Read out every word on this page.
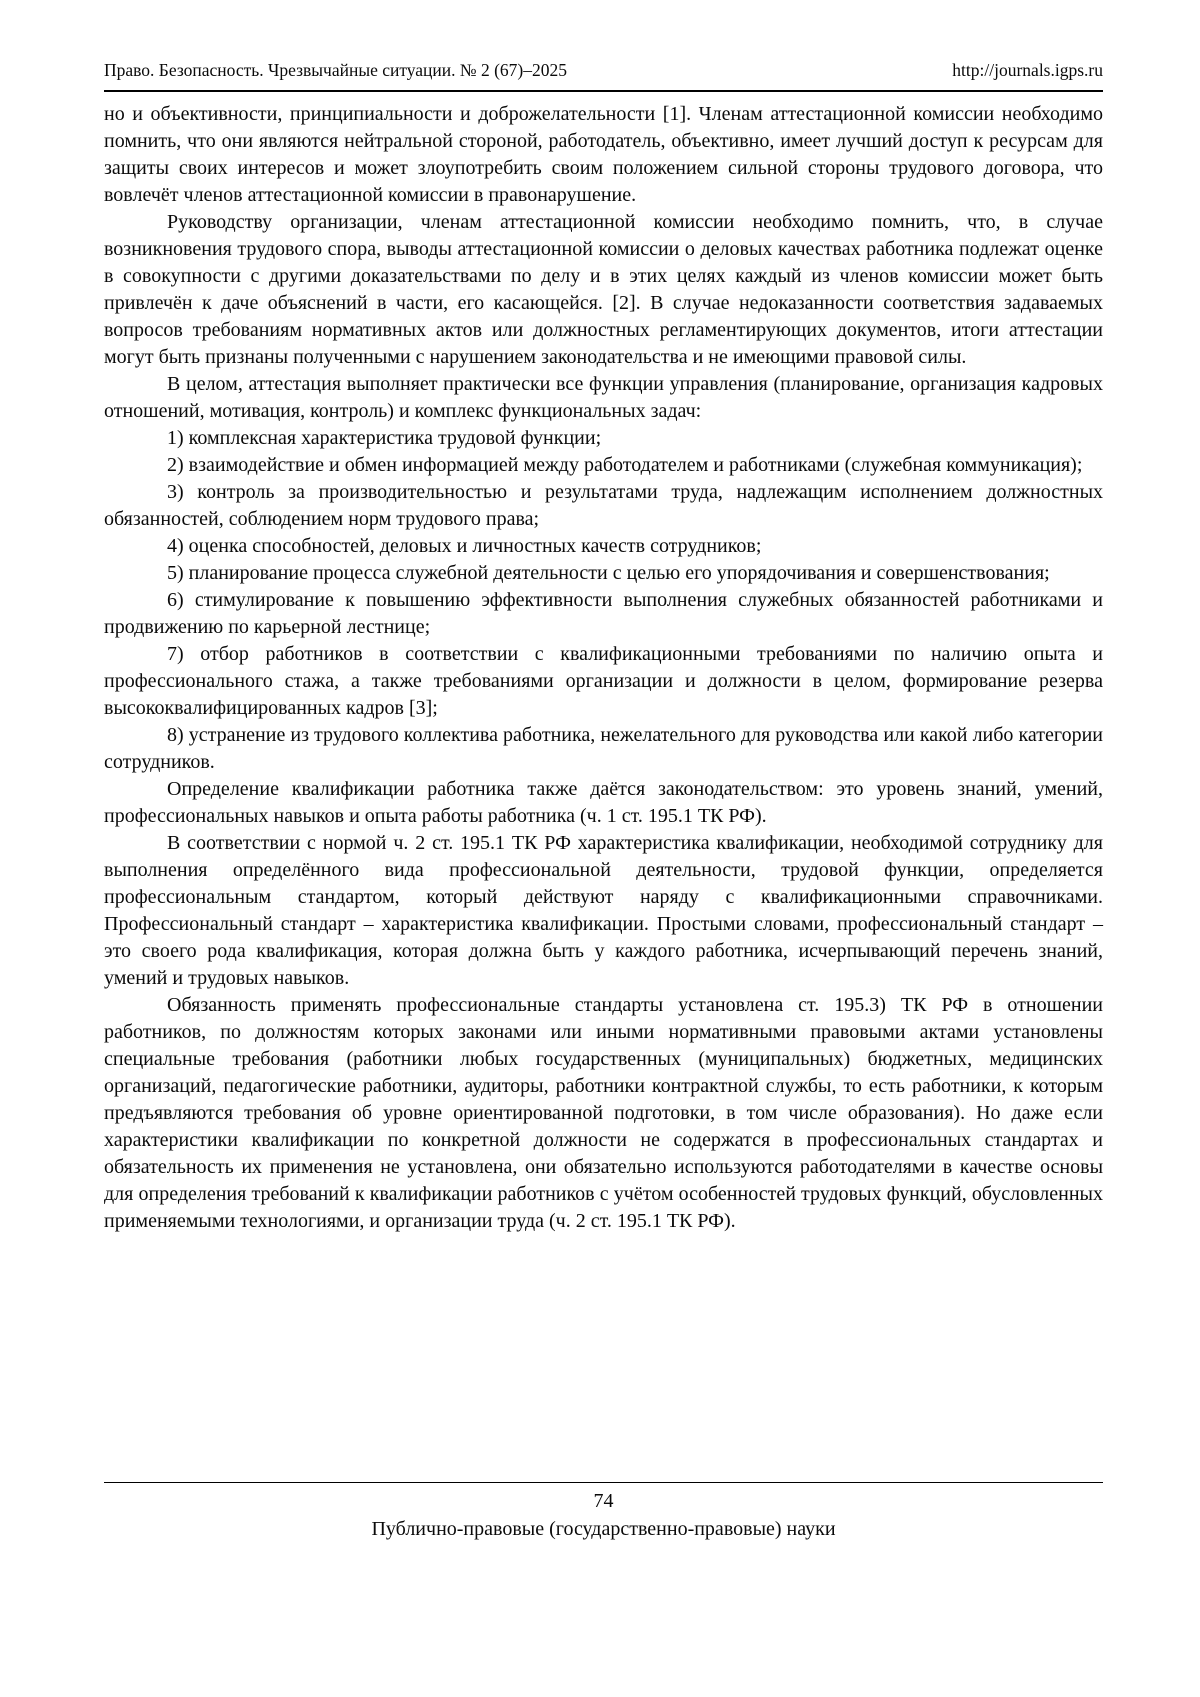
Право. Безопасность. Чрезвычайные ситуации. № 2 (67)–2025	http://journals.igps.ru

но и объективности, принципиальности и доброжелательности [1]. Членам аттестационной комиссии необходимо помнить, что они являются нейтральной стороной, работодатель, объективно, имеет лучший доступ к ресурсам для защиты своих интересов и может злоупотребить своим положением сильной стороны трудового договора, что вовлечёт членов аттестационной комиссии в правонарушение.

Руководству организации, членам аттестационной комиссии необходимо помнить, что, в случае возникновения трудового спора, выводы аттестационной комиссии о деловых качествах работника подлежат оценке в совокупности с другими доказательствами по делу и в этих целях каждый из членов комиссии может быть привлечён к даче объяснений в части, его касающейся. [2]. В случае недоказанности соответствия задаваемых вопросов требованиям нормативных актов или должностных регламентирующих документов, итоги аттестации могут быть признаны полученными с нарушением законодательства и не имеющими правовой силы.

В целом, аттестация выполняет практически все функции управления (планирование, организация кадровых отношений, мотивация, контроль) и комплекс функциональных задач:

1) комплексная характеристика трудовой функции;

2) взаимодействие и обмен информацией между работодателем и работниками (служебная коммуникация);

3) контроль за производительностью и результатами труда, надлежащим исполнением должностных обязанностей, соблюдением норм трудового права;

4) оценка способностей, деловых и личностных качеств сотрудников;

5) планирование процесса служебной деятельности с целью его упорядочивания и совершенствования;

6) стимулирование к повышению эффективности выполнения служебных обязанностей работниками и продвижению по карьерной лестнице;

7) отбор работников в соответствии с квалификационными требованиями по наличию опыта и профессионального стажа, а также требованиями организации и должности в целом, формирование резерва высококвалифицированных кадров [3];

8) устранение из трудового коллектива работника, нежелательного для руководства или какой либо категории сотрудников.

Определение квалификации работника также даётся законодательством: это уровень знаний, умений, профессиональных навыков и опыта работы работника (ч. 1 ст. 195.1 ТК РФ).

В соответствии с нормой ч. 2 ст. 195.1 ТК РФ характеристика квалификации, необходимой сотруднику для выполнения определённого вида профессиональной деятельности, трудовой функции, определяется профессиональным стандартом, который действуют наряду с квалификационными справочниками. Профессиональный стандарт – характеристика квалификации. Простыми словами, профессиональный стандарт – это своего рода квалификация, которая должна быть у каждого работника, исчерпывающий перечень знаний, умений и трудовых навыков.

Обязанность применять профессиональные стандарты установлена ст. 195.3) ТК РФ в отношении работников, по должностям которых законами или иными нормативными правовыми актами установлены специальные требования (работники любых государственных (муниципальных) бюджетных, медицинских организаций, педагогические работники, аудиторы, работники контрактной службы, то есть работники, к которым предъявляются требования об уровне ориентированной подготовки, в том числе образования). Но даже если характеристики квалификации по конкретной должности не содержатся в профессиональных стандартах и обязательность их применения не установлена, они обязательно используются работодателями в качестве основы для определения требований к квалификации работников с учётом особенностей трудовых функций, обусловленных применяемыми технологиями, и организации труда (ч. 2 ст. 195.1 ТК РФ).

74
Публично-правовые (государственно-правовые) науки
